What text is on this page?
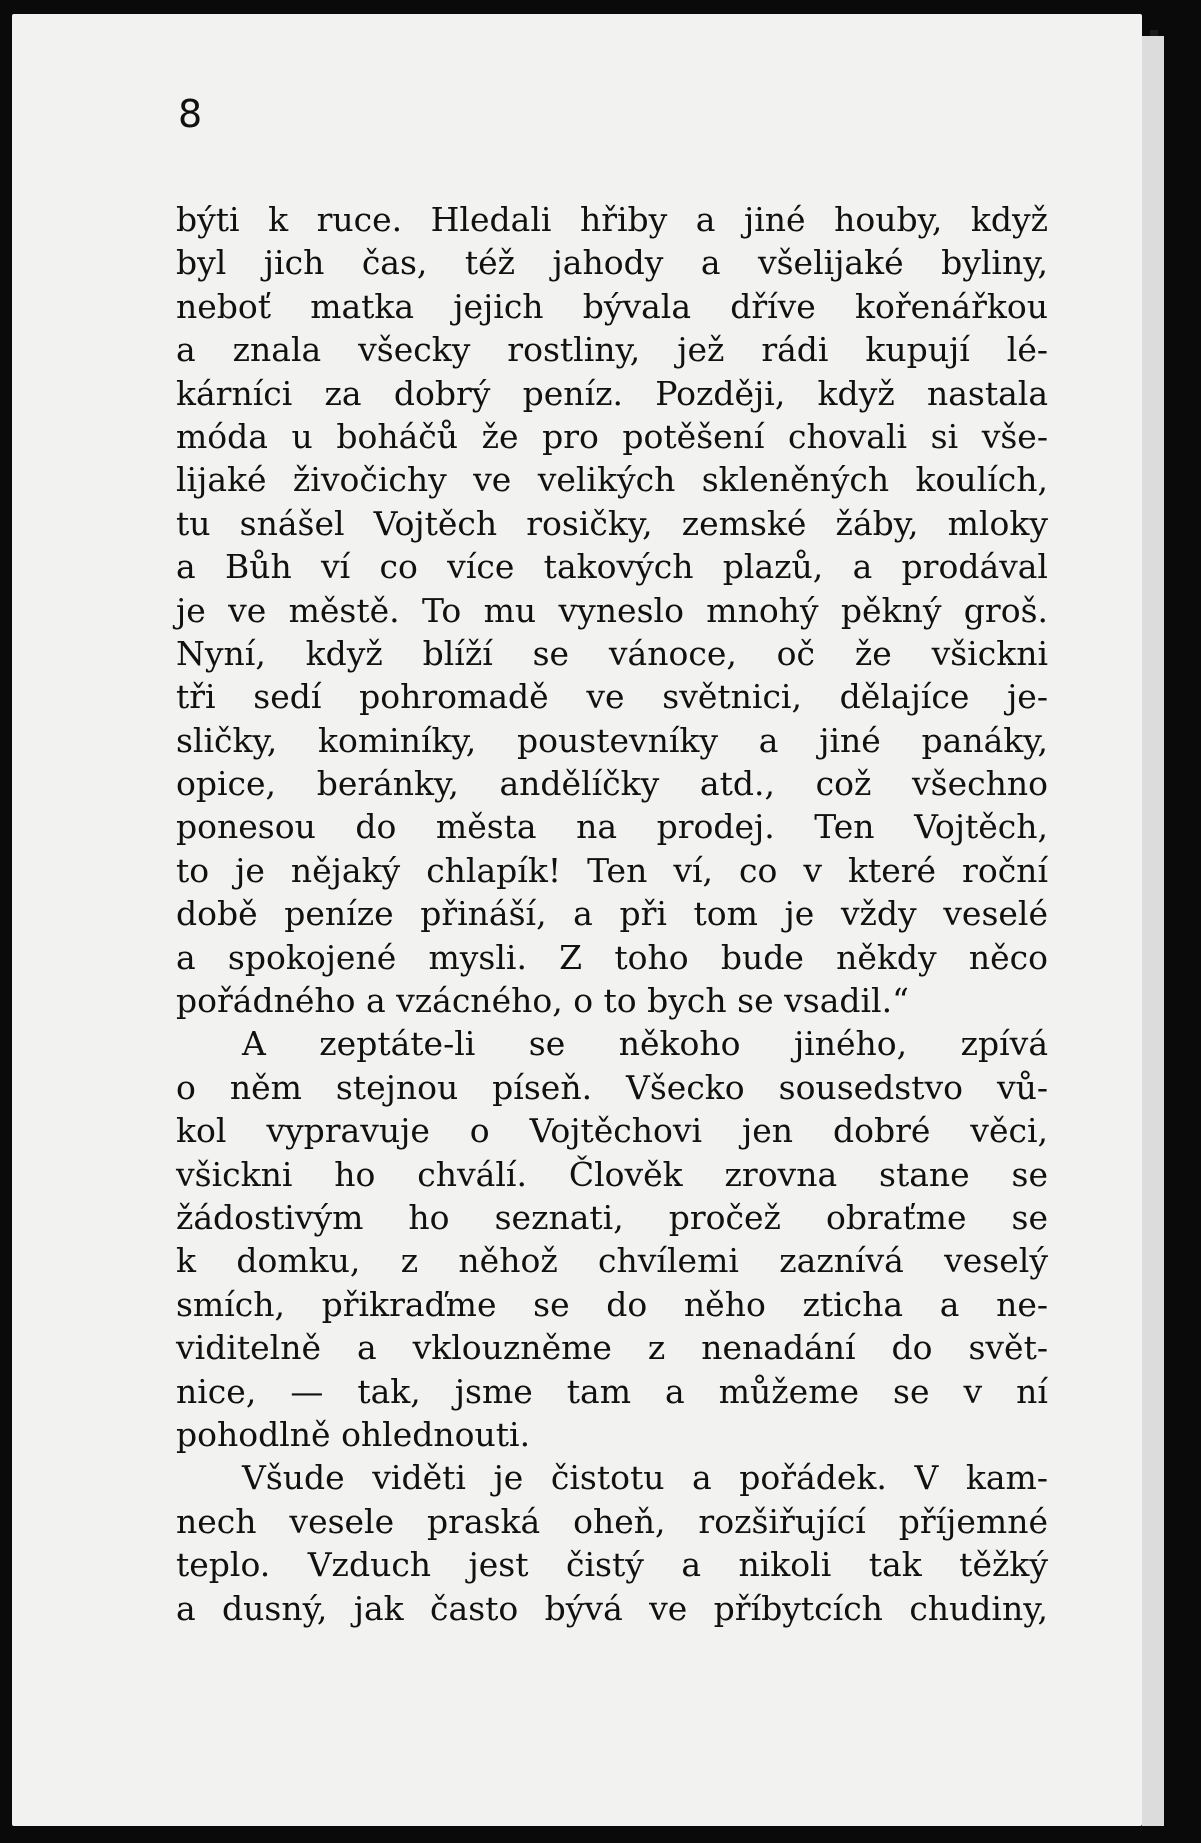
8

býti k ruce. Hledali hřiby a jiné houby, když
byl jich čas, též jahody a všelijaké byliny,
neboť matka jejich bývala dříve kořenářkou
a znala všecky rostliny, jež rádi kupují lé-
kárníci za dobrý peníz. Později, když nastala
móda u boháčů že pro potěšení chovali si vše-
lijaké živočichy ve velikých skleněných koulích,
tu snášel Vojtěch rosičky, zemské žáby, mloky
a Bůh ví co více takových plazů, a prodával
je ve městě. To mu vyneslo mnohý pěkný groš.
Nyní, když blíží se vánoce, oč že všickni
tři sedí pohromadě ve světnici, dělajíce je-
sličky, kominíky, poustevníky a jiné panáky,
opice, beránky, andělíčky atd., což všechno
ponesou do města na prodej. Ten Vojtěch,
to je nějaký chlapík! Ten ví, co v které roční
době peníze přináší, a při tom je vždy veselé
a spokojené mysli. Z toho bude někdy něco
pořádného a vzácného, o to bych se vsadil.“
A zeptáte-li se někoho jiného, zpívá
o něm stejnou píseň. Všecko sousedstvo vů-
kol vypravuje o Vojtěchovi jen dobré věci,
všickni ho chválí. Člověk zrovna stane se
žádostivým ho seznati, pročež obraťme se
k domku, z něhož chvílemi zaznívá veselý
smích, přikraďme se do něho zticha a ne-
viditelně a vklouzněme z nenadání do svět-
nice, — tak, jsme tam a můžeme se v ní
pohodlně ohlednouti.
Všude viděti je čistotu a pořádek. V kam-
nech vesele praská oheň, rozšiřující příjemné
teplo. Vzduch jest čistý a nikoli tak těžký
a dusný, jak často bývá ve příbytcích chudiny,
